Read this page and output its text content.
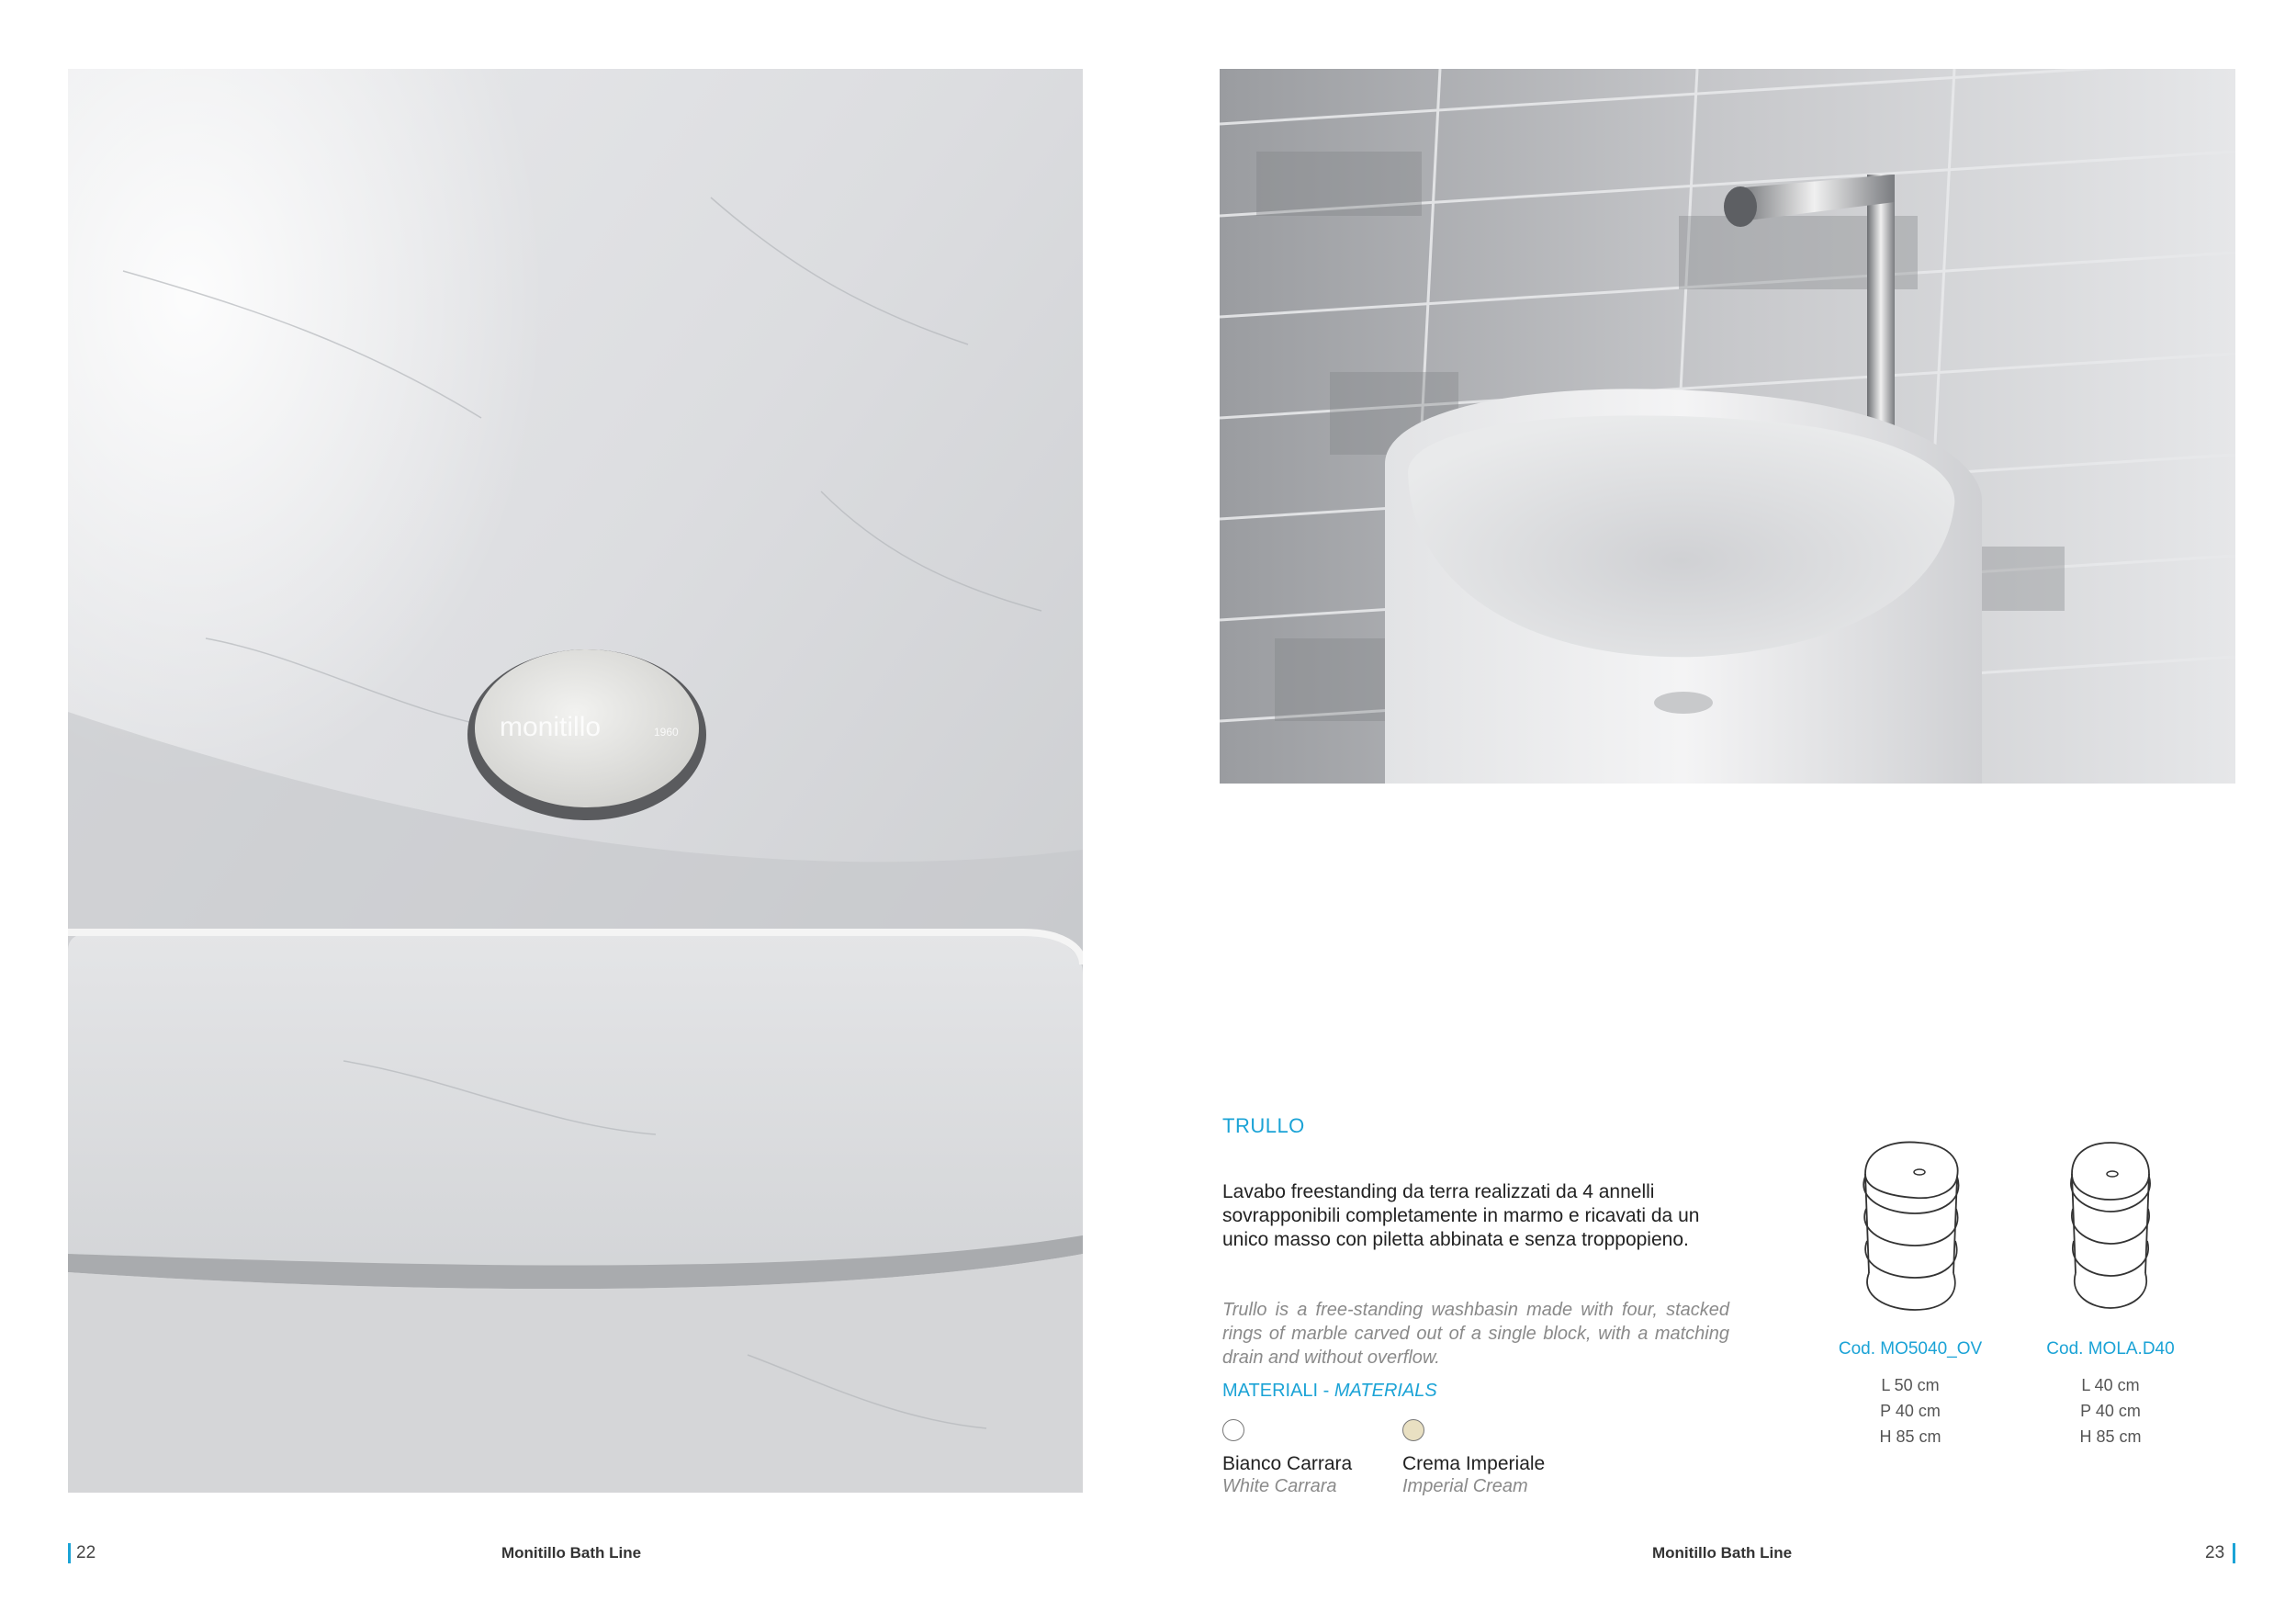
monitillo	1960
TRULLO
Lavabo freestanding da terra realizzati da 4 annelli sovrapponibili completamente in marmo e ricavati da un unico masso con piletta abbinata e senza troppopieno.
Trullo is a free-standing washbasin made with four, stacked rings of marble carved out of a single block, with a matching drain and without overflow.
MATERIALI - MATERIALS
Bianco Carrara
White Carrara
Crema Imperiale
Imperial Cream
Cod. MO5040_OV
L 50 cm
P 40 cm
H 85 cm
Cod. MOLA.D40
L 40 cm
P 40 cm
H 85 cm
22	Monitillo Bath Line	Monitillo Bath Line	23
